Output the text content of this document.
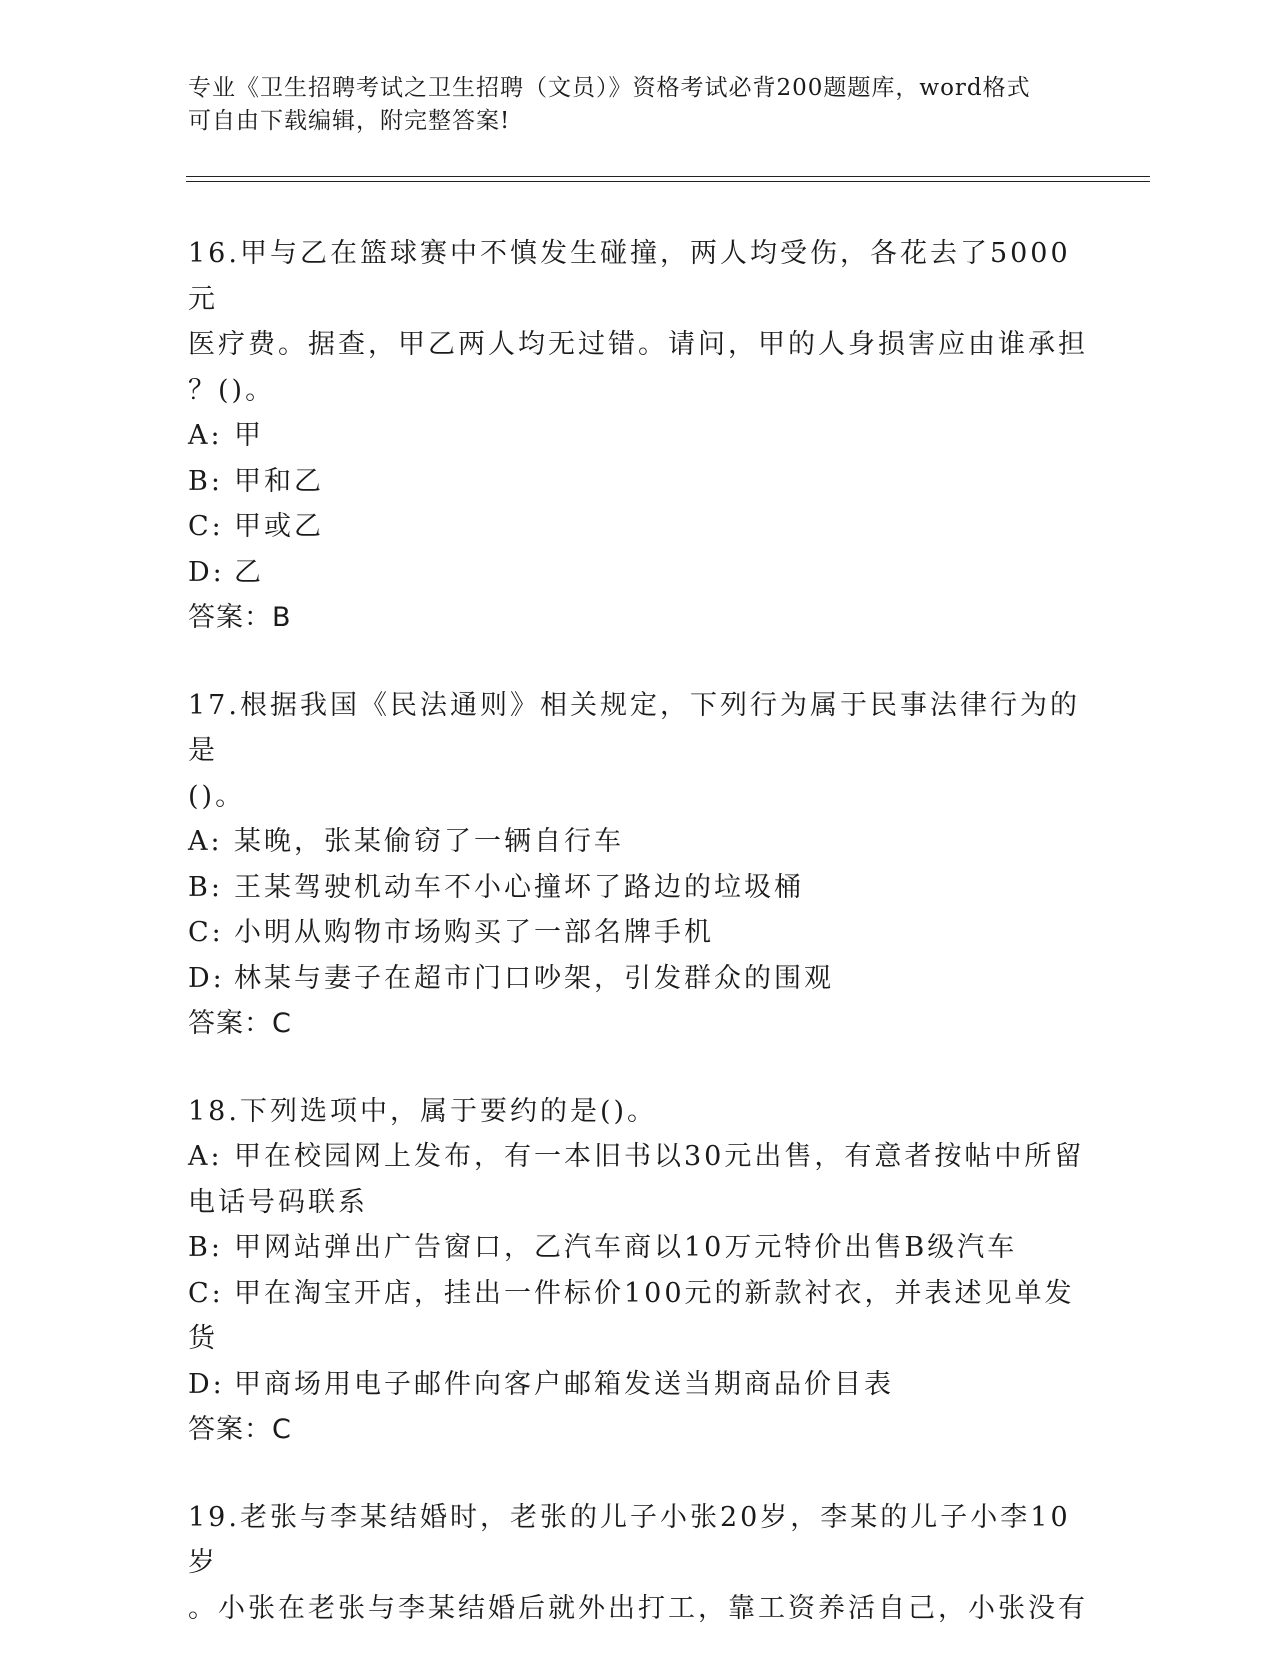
专业《卫生招聘考试之卫生招聘（文员）》资格考试必背200题题库，word格式
可自由下载编辑，附完整答案!
16.甲与乙在篮球赛中不慎发生碰撞，两人均受伤，各花去了5000元
医疗费。据查，甲乙两人均无过错。请问，甲的人身损害应由谁承担
？()。
A: 甲
B: 甲和乙
C: 甲或乙
D: 乙
答案：B
17.根据我国《民法通则》相关规定，下列行为属于民事法律行为的是
()。
A: 某晚，张某偷窃了一辆自行车
B: 王某驾驶机动车不小心撞坏了路边的垃圾桶
C: 小明从购物市场购买了一部名牌手机
D: 林某与妻子在超市门口吵架，引发群众的围观
答案：C
18.下列选项中，属于要约的是()。
A: 甲在校园网上发布，有一本旧书以30元出售，有意者按帖中所留
电话号码联系
B: 甲网站弹出广告窗口，乙汽车商以10万元特价出售B级汽车
C: 甲在淘宝开店，挂出一件标价100元的新款衬衣，并表述见单发货
D: 甲商场用电子邮件向客户邮箱发送当期商品价目表
答案：C
19.老张与李某结婚时，老张的儿子小张20岁，李某的儿子小李10岁
。小张在老张与李某结婚后就外出打工，靠工资养活自己，小张没有
